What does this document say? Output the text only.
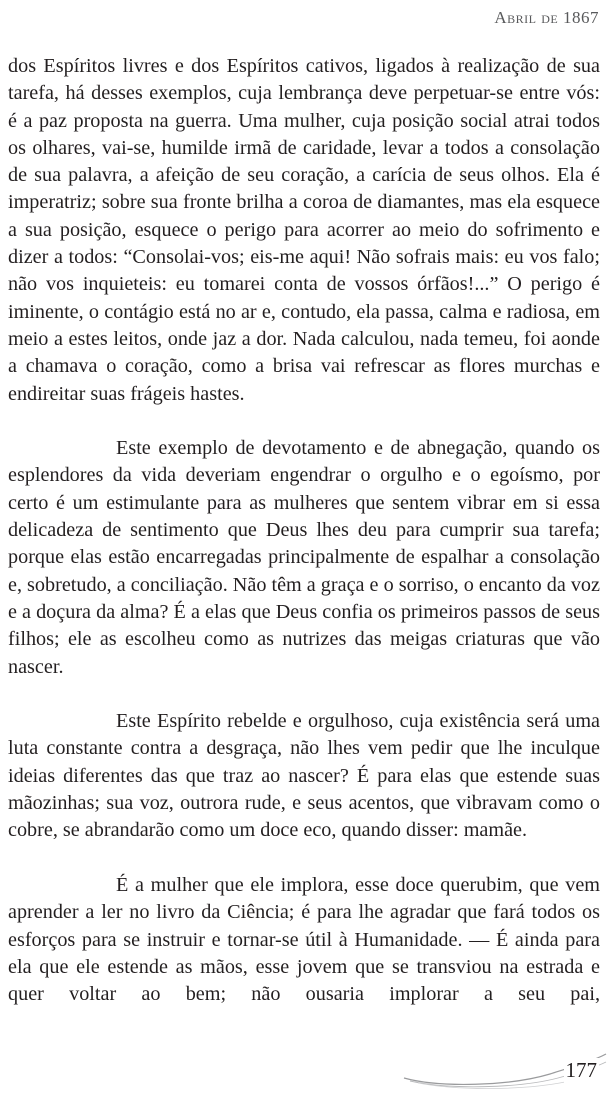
Abril de 1867

dos Espíritos livres e dos Espíritos cativos, ligados à realização de sua tarefa, há desses exemplos, cuja lembrança deve perpetuar-se entre vós: é a paz proposta na guerra. Uma mulher, cuja posição social atrai todos os olhares, vai-se, humilde irmã de caridade, levar a todos a consolação de sua palavra, a afeição de seu coração, a carícia de seus olhos. Ela é imperatriz; sobre sua fronte brilha a coroa de diamantes, mas ela esquece a sua posição, esquece o perigo para acorrer ao meio do sofrimento e dizer a todos: “Consolai-vos; eis-me aqui! Não sofrais mais: eu vos falo; não vos inquieteis: eu tomarei conta de vossos órfãos!...” O perigo é iminente, o contágio está no ar e, contudo, ela passa, calma e radiosa, em meio a estes leitos, onde jaz a dor. Nada calculou, nada temeu, foi aonde a chamava o coração, como a brisa vai refrescar as flores murchas e endireitar suas frágeis hastes.

Este exemplo de devotamento e de abnegação, quando os esplendores da vida deveriam engendrar o orgulho e o egoísmo, por certo é um estimulante para as mulheres que sentem vibrar em si essa delicadeza de sentimento que Deus lhes deu para cumprir sua tarefa; porque elas estão encarregadas principalmente de espalhar a consolação e, sobretudo, a conciliação. Não têm a graça e o sorriso, o encanto da voz e a doçura da alma? É a elas que Deus confia os primeiros passos de seus filhos; ele as escolheu como as nutrizes das meigas criaturas que vão nascer.

Este Espírito rebelde e orgulhoso, cuja existência será uma luta constante contra a desgraça, não lhes vem pedir que lhe inculque ideias diferentes das que traz ao nascer? É para elas que estende suas mãozinhas; sua voz, outrora rude, e seus acentos, que vibravam como o cobre, se abrandarão como um doce eco, quando disser: mamãe.

É a mulher que ele implora, esse doce querubim, que vem aprender a ler no livro da Ciência; é para lhe agradar que fará todos os esforços para se instruir e tornar-se útil à Humanidade. — É ainda para ela que ele estende as mãos, esse jovem que se transviou na estrada e quer voltar ao bem; não ousaria implorar a seu pai,

177
